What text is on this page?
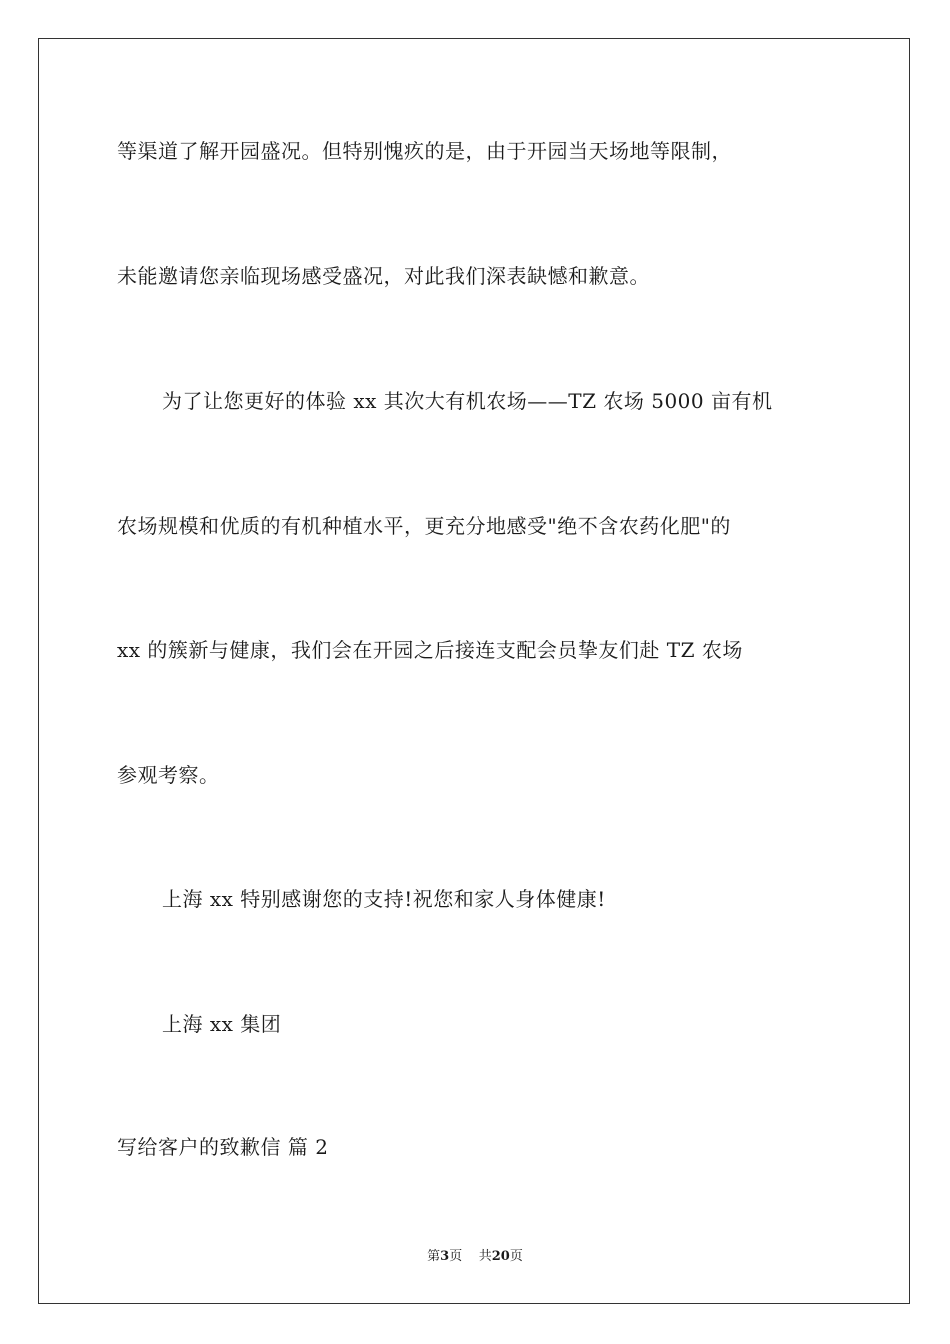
等渠道了解开园盛况。但特别愧疚的是，由于开园当天场地等限制，
未能邀请您亲临现场感受盛况，对此我们深表缺憾和歉意。
为了让您更好的体验 xx 其次大有机农场——TZ 农场 5000 亩有机
农场规模和优质的有机种植水平，更充分地感受"绝不含农药化肥"的
xx 的簇新与健康，我们会在开园之后接连支配会员挚友们赴 TZ 农场
参观考察。
上海 xx 特别感谢您的支持!祝您和家人身体健康!
上海 xx 集团
写给客户的致歉信 篇 2
第3页 共20页
